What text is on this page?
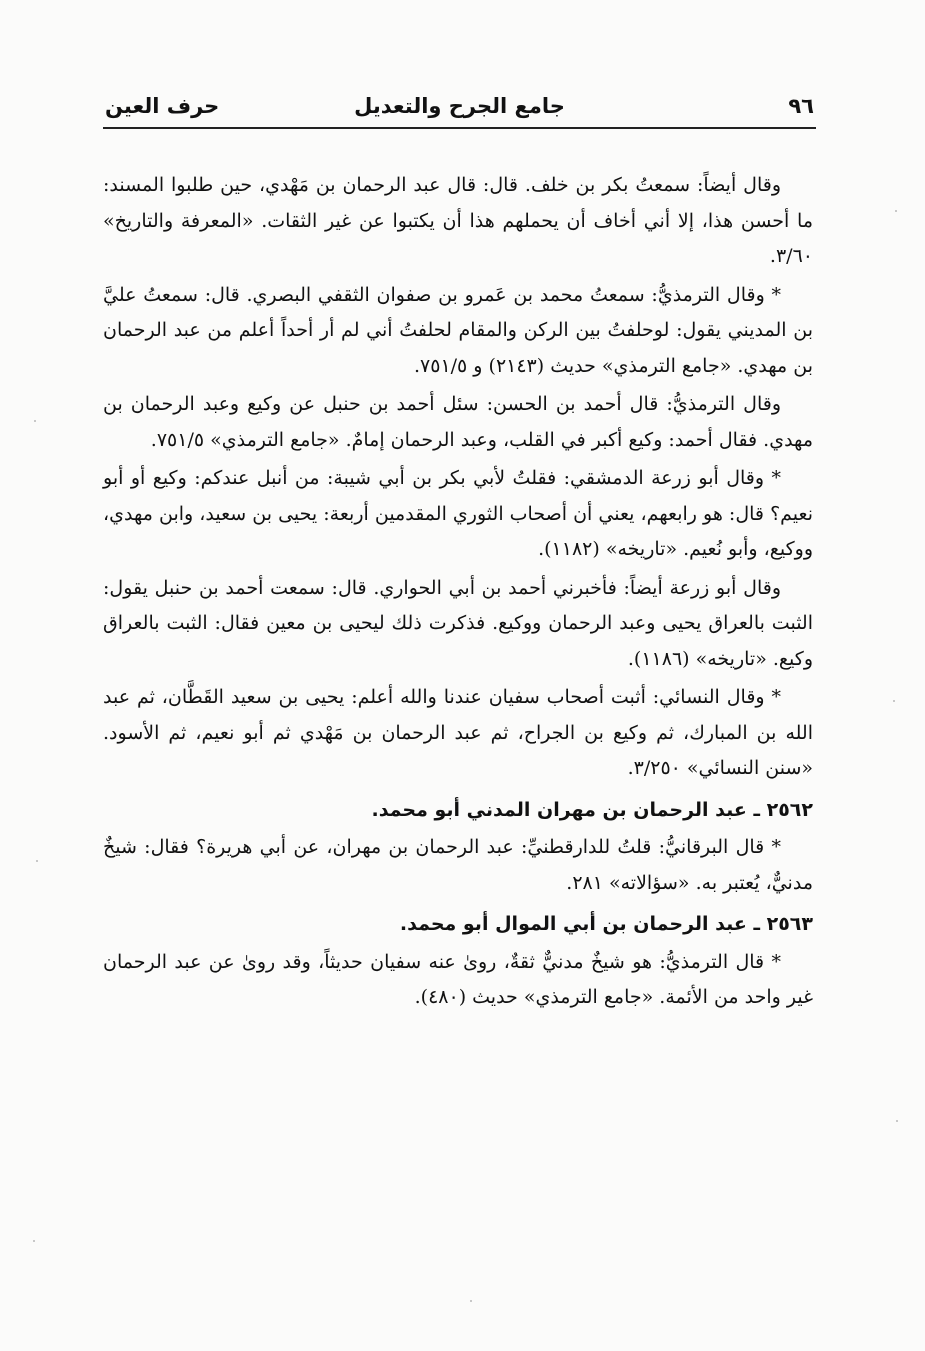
٩٦
جامع الجرح والتعديل
حرف العين

وقال أيضاً: سمعتُ بكر بن خلف. قال: قال عبد الرحمان بن مَهْدي، حين طلبوا المسند: ما أحسن هذا، إلا أني أخاف أن يحملهم هذا أن يكتبوا عن غير الثقات. «المعرفة والتاريخ» ٣/٦٠.

* وقال الترمذيُّ: سمعتُ محمد بن عَمرو بن صفوان الثقفي البصري. قال: سمعتُ عليَّ بن المديني يقول: لوحلفتُ بين الركن والمقام لحلفتُ أني لم أر أحداً أعلم من عبد الرحمان بن مهدي. «جامع الترمذي» حديث (٢١٤٣) و ٧٥١/٥.

وقال الترمذيُّ: قال أحمد بن الحسن: سئل أحمد بن حنبل عن وكيع وعبد الرحمان بن مهدي. فقال أحمد: وكيع أكبر في القلب، وعبد الرحمان إمامٌ. «جامع الترمذي» ٧٥١/٥.

* وقال أبو زرعة الدمشقي: فقلتُ لأبي بكر بن أبي شيبة: من أنبل عندكم: وكيع أو أبو نعيم؟ قال: هو رابعهم، يعني أن أصحاب الثوري المقدمين أربعة: يحيى بن سعيد، وابن مهدي، ووكيع، وأبو نُعيم. «تاريخه» (١١٨٢).

وقال أبو زرعة أيضاً: فأخبرني أحمد بن أبي الحواري. قال: سمعت أحمد بن حنبل يقول: الثبت بالعراق يحيى وعبد الرحمان ووكيع. فذكرت ذلك ليحيى بن معين فقال: الثبت بالعراق وكيع. «تاريخه» (١١٨٦).

* وقال النسائي: أثبت أصحاب سفيان عندنا والله أعلم: يحيى بن سعيد القَطَّان، ثم عبد الله بن المبارك، ثم وكيع بن الجراح، ثم عبد الرحمان بن مَهْدي ثم أبو نعيم، ثم الأسود. «سنن النسائي» ٣/٢٥٠.

٢٥٦٢ ـ عبد الرحمان بن مهران المدني أبو محمد.

* قال البرقانيُّ: قلتُ للدارقطنيِّ: عبد الرحمان بن مهران، عن أبي هريرة؟ فقال: شيخٌ مدنيٌّ، يُعتبر به. «سؤالاته» ٢٨١.

٢٥٦٣ ـ عبد الرحمان بن أبي الموال أبو محمد.

* قال الترمذيُّ: هو شيخٌ مدنيٌّ ثقةٌ، روىٰ عنه سفيان حديثاً، وقد روىٰ عن عبد الرحمان غير واحد من الأئمة. «جامع الترمذي» حديث (٤٨٠).
